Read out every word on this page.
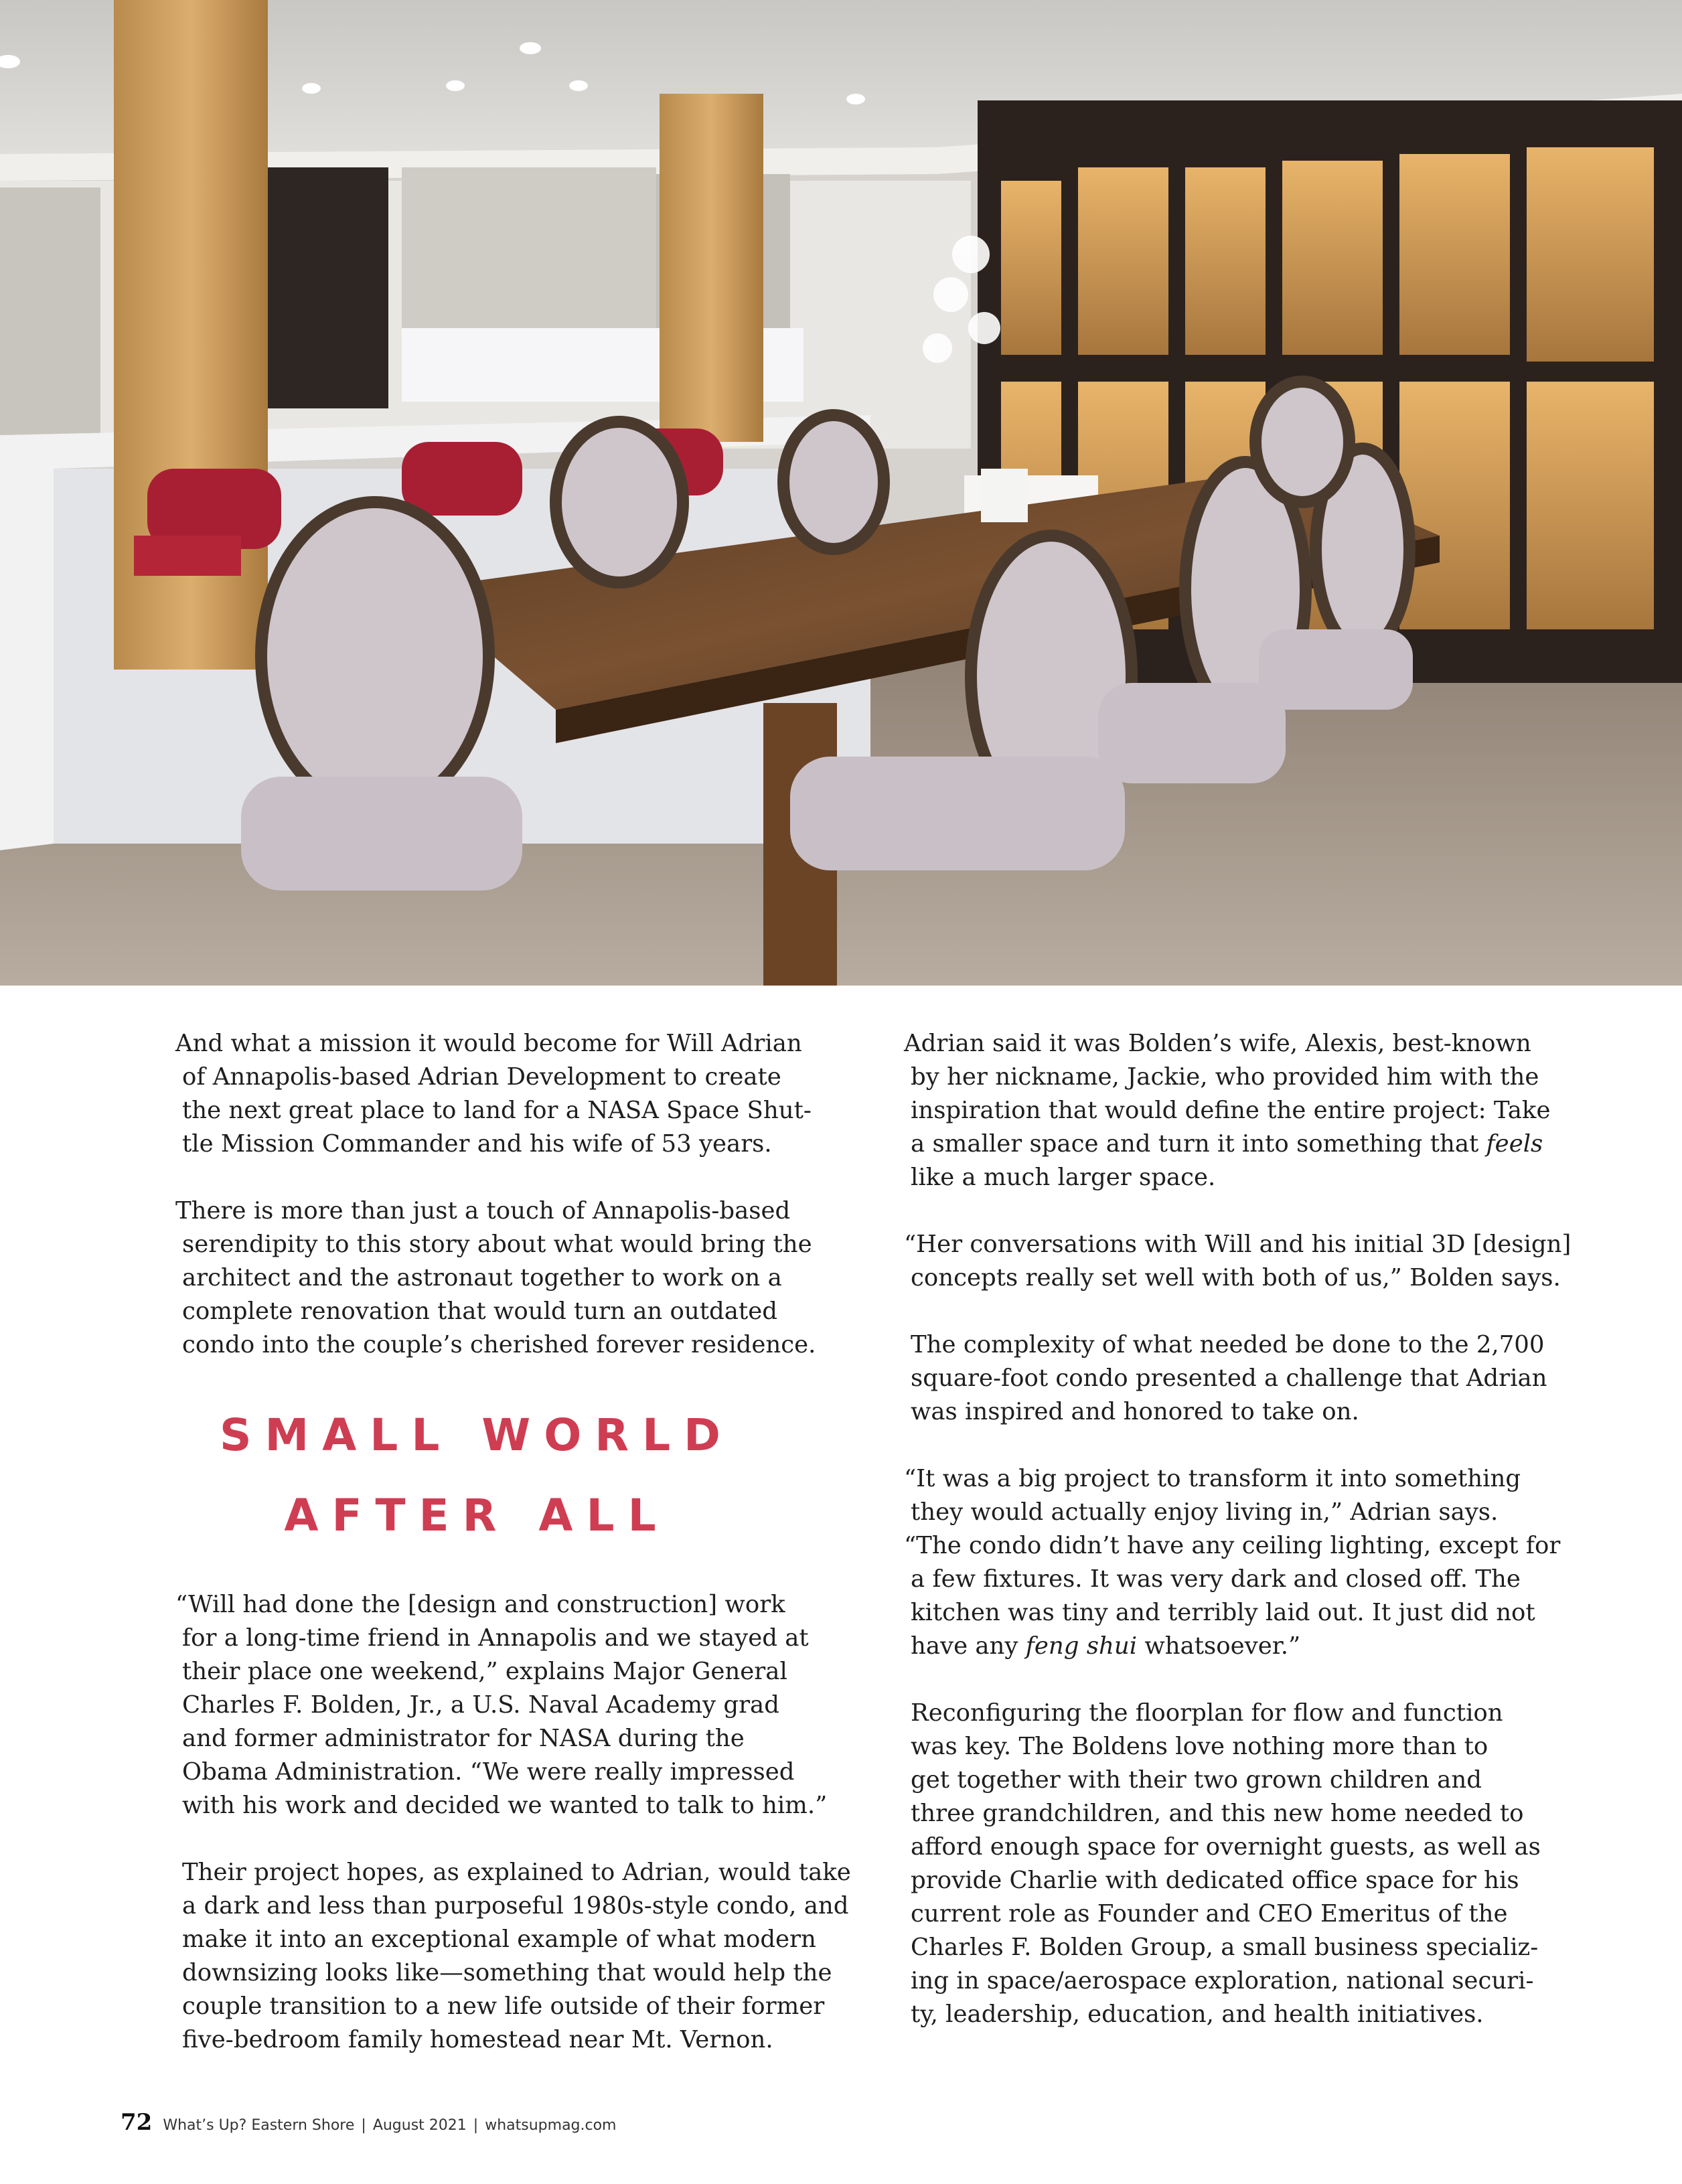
And what a mission it would become for Will Adrian
of Annapolis-based Adrian Development to create
the next great place to land for a NASA Space Shut-
tle Mission Commander and his wife of 53 years.
There is more than just a touch of Annapolis-based
serendipity to this story about what would bring the
architect and the astronaut together to work on a
complete renovation that would turn an outdated
condo into the couple’s cherished forever residence.
SMALL WORLD
AFTER ALL
“Will had done the [design and construction] work
for a long-time friend in Annapolis and we stayed at
their place one weekend,” explains Major General
Charles F. Bolden, Jr., a U.S. Naval Academy grad
and former administrator for NASA during the
Obama Administration. “We were really impressed
with his work and decided we wanted to talk to him.”
Their project hopes, as explained to Adrian, would take
a dark and less than purposeful 1980s-style condo, and
make it into an exceptional example of what modern
downsizing looks like—something that would help the
couple transition to a new life outside of their former
five-bedroom family homestead near Mt. Vernon.
Adrian said it was Bolden’s wife, Alexis, best-known
by her nickname, Jackie, who provided him with the
inspiration that would define the entire project: Take
a smaller space and turn it into something that feels
like a much larger space.
“Her conversations with Will and his initial 3D [design]
concepts really set well with both of us,” Bolden says.
The complexity of what needed be done to the 2,700
square-foot condo presented a challenge that Adrian
was inspired and honored to take on.
“It was a big project to transform it into something
they would actually enjoy living in,” Adrian says.
“The condo didn’t have any ceiling lighting, except for
a few fixtures. It was very dark and closed off. The
kitchen was tiny and terribly laid out. It just did not
have any feng shui whatsoever.”
Reconfiguring the floorplan for flow and function
was key. The Boldens love nothing more than to
get together with their two grown children and
three grandchildren, and this new home needed to
afford enough space for overnight guests, as well as
provide Charlie with dedicated office space for his
current role as Founder and CEO Emeritus of the
Charles F. Bolden Group, a small business specializ-
ing in space/aerospace exploration, national securi-
ty, leadership, education, and health initiatives.
72 What’s Up? Eastern Shore | August 2021 | whatsupmag.com
